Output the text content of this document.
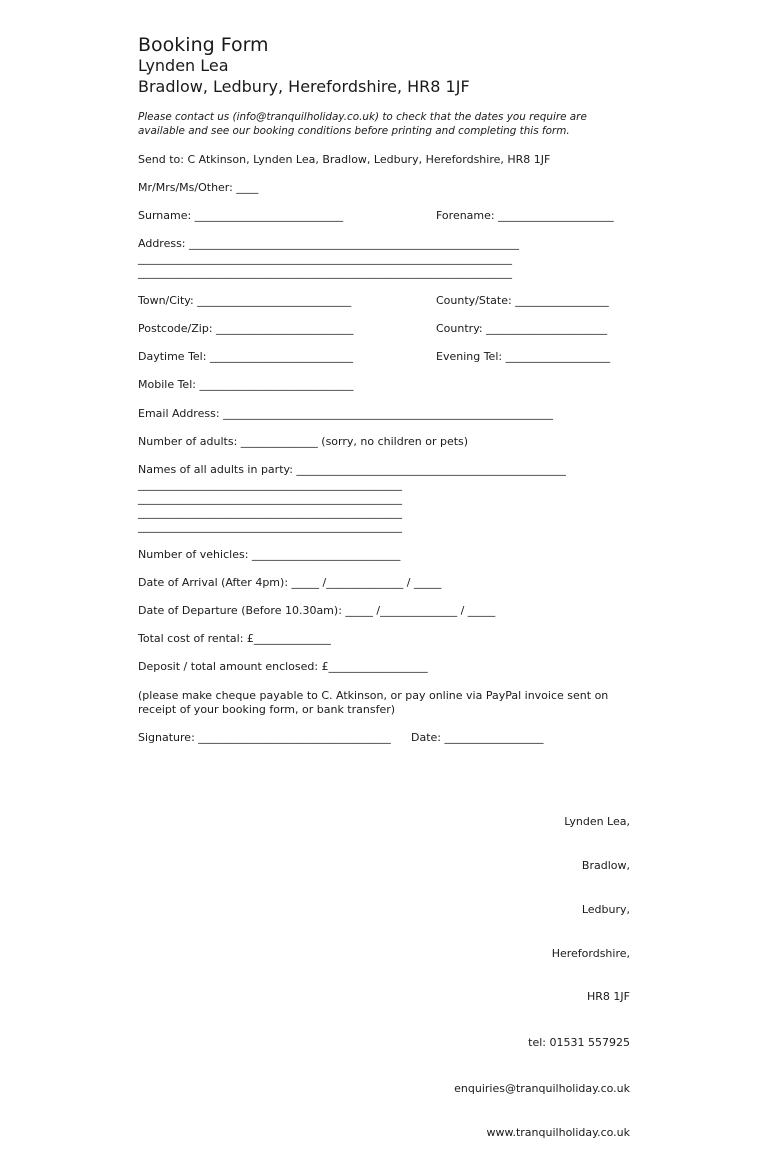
Booking Form
Lynden Lea
Bradlow, Ledbury, Herefordshire, HR8 1JF
Please contact us (info@tranquilholiday.co.uk) to check that the dates you require are
available and see our booking conditions before printing and completing this form.
Send to: C Atkinson, Lynden Lea, Bradlow, Ledbury, Herefordshire, HR8 1JF
Mr/Mrs/Ms/Other: ____
Surname: ___________________________	Forename: _____________________
Address: ____________________________________________________________
____________________________________________________________________
____________________________________________________________________
Town/City: ____________________________	County/State: _________________
Postcode/Zip: _________________________	Country: ______________________
Daytime Tel: __________________________	Evening Tel: ___________________
Mobile Tel: ____________________________
Email Address: ____________________________________________________________
Number of adults: ______________ (sorry, no children or pets)
Names of all adults in party: _________________________________________________
________________________________________________
________________________________________________
________________________________________________
________________________________________________
Number of vehicles: ___________________________
Date of Arrival (After 4pm): _____ /______________ / _____
Date of Departure (Before 10.30am): _____ /______________ / _____
Total cost of rental: £______________
Deposit / total amount enclosed: £__________________
(please make cheque payable to C. Atkinson, or pay online via PayPal invoice sent on
receipt of your booking form, or bank transfer)
Signature: ___________________________________ Date: __________________

Lynden Lea,

Bradlow,

Ledbury,

Herefordshire,

HR8 1JF

tel: 01531 557925

enquiries@tranquilholiday.co.uk

www.tranquilholiday.co.uk
